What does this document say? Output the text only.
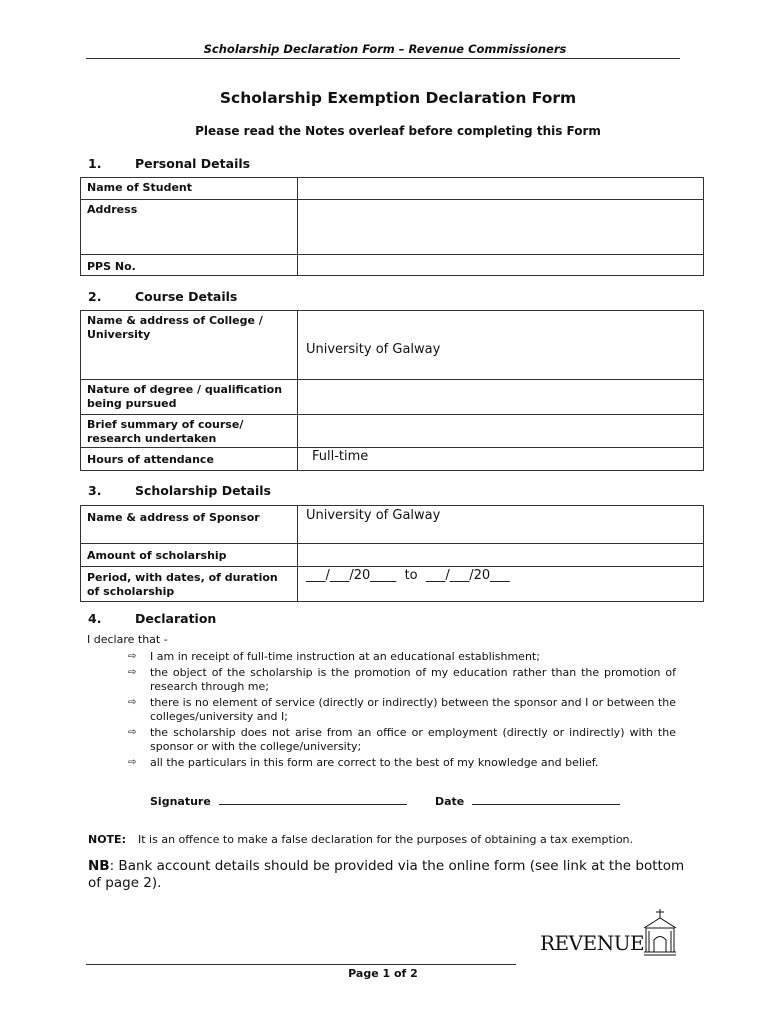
Scholarship Declaration Form – Revenue Commissioners
Scholarship Exemption Declaration Form
Please read the Notes overleaf before completing this Form
1.	Personal Details
Name of Student	
Address	
PPS No.	
2.	Course Details
Name & address of College / University	University of Galway
Nature of degree / qualification being pursued	
Brief summary of course/ research undertaken	
Hours of attendance	Full-time
3.	Scholarship Details
Name & address of Sponsor	University of Galway
Amount of scholarship	
Period, with dates, of duration of scholarship	___/___/20____  to  ___/___/20___
4.	Declaration
I declare that -
⇨ I am in receipt of full-time instruction at an educational establishment;
⇨ the object of the scholarship is the promotion of my education rather than the promotion of research through me;
⇨ there is no element of service (directly or indirectly) between the sponsor and I or between the colleges/university and I;
⇨ the scholarship does not arise from an office or employment (directly or indirectly) with the sponsor or with the college/university;
⇨ all the particulars in this form are correct to the best of my knowledge and belief.
Signature	Date
NOTE: It is an offence to make a false declaration for the purposes of obtaining a tax exemption.
NB: Bank account details should be provided via the online form (see link at the bottom of page 2).
REVENUE
Page 1 of 2
